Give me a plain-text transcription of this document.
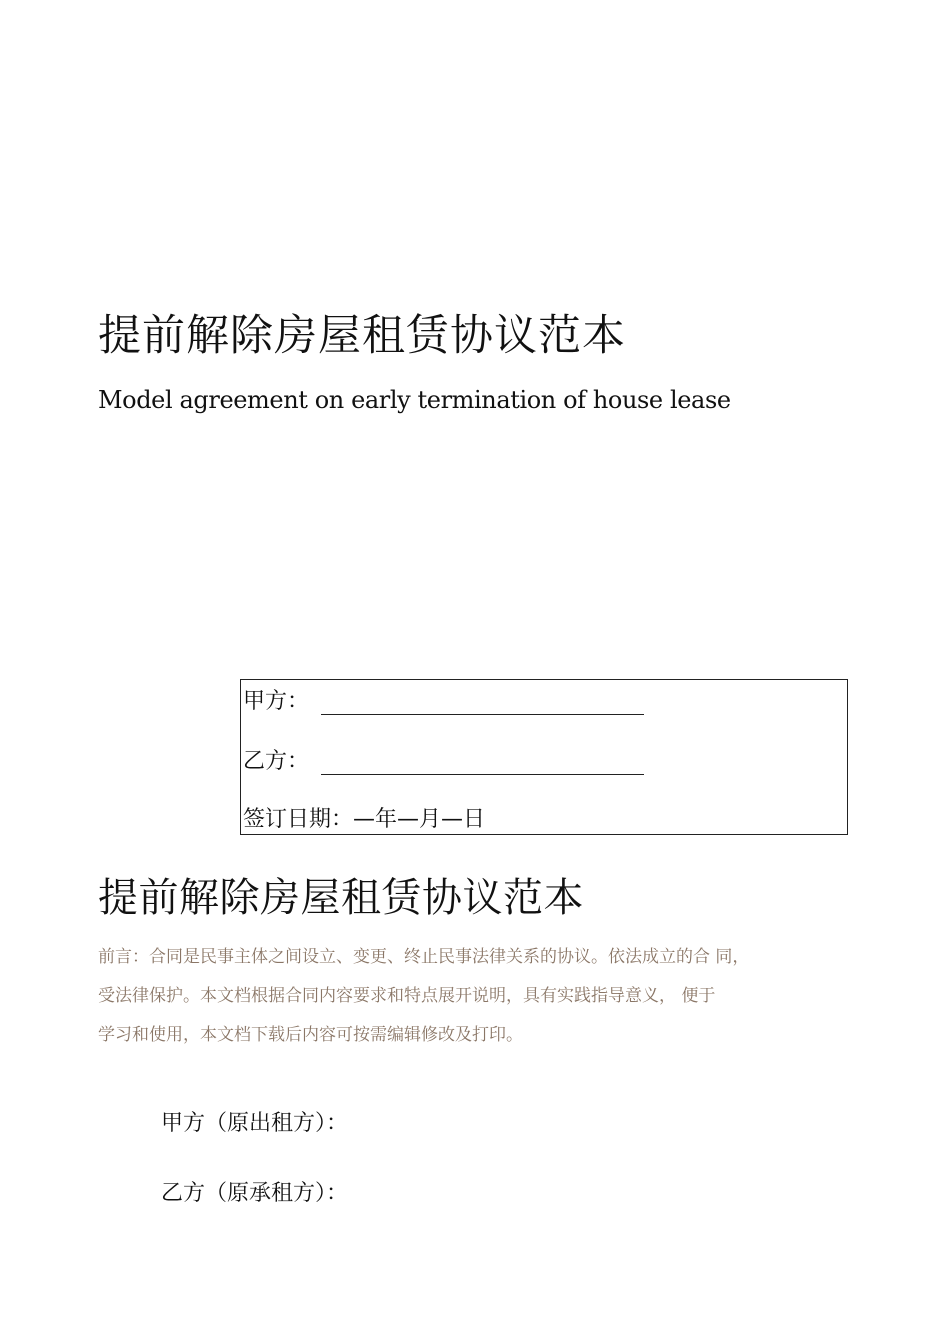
提前解除房屋租赁协议范本
Model agreement on early termination of house lease
甲方：
乙方：
签订日期：—年—月—日
提前解除房屋租赁协议范本
前言：合同是民事主体之间设立、变更、终止民事法律关系的协议。依法成立的合 同，
受法律保护。本文档根据合同内容要求和特点展开说明，具有实践指导意义， 便于
学习和使用，本文档下载后内容可按需编辑修改及打印。
甲方（原出租方）：
乙方（原承租方）：
